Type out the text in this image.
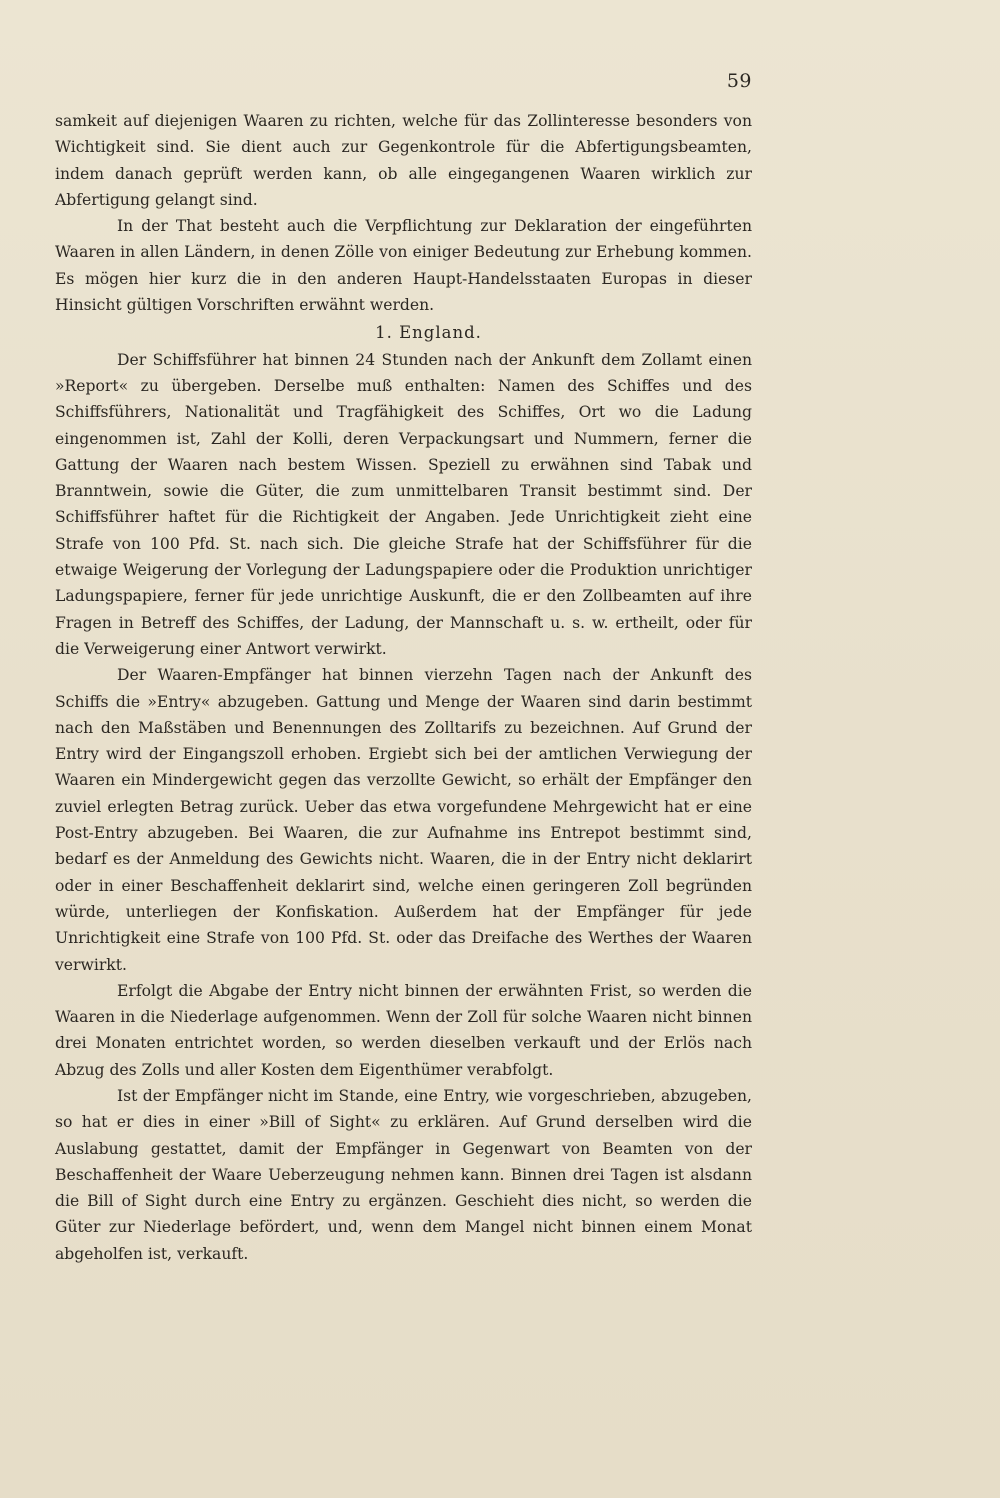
59

samkeit auf diejenigen Waaren zu richten, welche für das Zollinteresse besonders von Wichtigkeit sind. Sie dient auch zur Gegenkontrole für die Abfertigungsbeamten, indem danach geprüft werden kann, ob alle eingegangenen Waaren wirklich zur Abfertigung gelangt sind.

In der That besteht auch die Verpflichtung zur Deklaration der eingeführten Waaren in allen Ländern, in denen Zölle von einiger Bedeutung zur Erhebung kommen. Es mögen hier kurz die in den anderen Haupt-Handelsstaaten Europas in dieser Hinsicht gültigen Vorschriften erwähnt werden.

1. England.

Der Schiffsführer hat binnen 24 Stunden nach der Ankunft dem Zollamt einen »Report« zu übergeben. Derselbe muß enthalten: Namen des Schiffes und des Schiffsführers, Nationalität und Tragfähigkeit des Schiffes, Ort wo die Ladung eingenommen ist, Zahl der Kolli, deren Verpackungsart und Nummern, ferner die Gattung der Waaren nach bestem Wissen. Speziell zu erwähnen sind Tabak und Branntwein, sowie die Güter, die zum unmittelbaren Transit bestimmt sind. Der Schiffsführer haftet für die Richtigkeit der Angaben. Jede Unrichtigkeit zieht eine Strafe von 100 Pfd. St. nach sich. Die gleiche Strafe hat der Schiffsführer für die etwaige Weigerung der Vorlegung der Ladungspapiere oder die Produktion unrichtiger Ladungspapiere, ferner für jede unrichtige Auskunft, die er den Zollbeamten auf ihre Fragen in Betreff des Schiffes, der Ladung, der Mannschaft u. s. w. ertheilt, oder für die Verweigerung einer Antwort verwirkt.

Der Waaren-Empfänger hat binnen vierzehn Tagen nach der Ankunft des Schiffs die »Entry« abzugeben. Gattung und Menge der Waaren sind darin bestimmt nach den Maßstäben und Benennungen des Zolltarifs zu bezeichnen. Auf Grund der Entry wird der Eingangszoll erhoben. Ergiebt sich bei der amtlichen Verwiegung der Waaren ein Mindergewicht gegen das verzollte Gewicht, so erhält der Empfänger den zuviel erlegten Betrag zurück. Ueber das etwa vorgefundene Mehrgewicht hat er eine Post-Entry abzugeben. Bei Waaren, die zur Aufnahme ins Entrepot bestimmt sind, bedarf es der Anmeldung des Gewichts nicht. Waaren, die in der Entry nicht deklarirt oder in einer Beschaffenheit deklarirt sind, welche einen geringeren Zoll begründen würde, unterliegen der Konfiskation. Außerdem hat der Empfänger für jede Unrichtigkeit eine Strafe von 100 Pfd. St. oder das Dreifache des Werthes der Waaren verwirkt.

Erfolgt die Abgabe der Entry nicht binnen der erwähnten Frist, so werden die Waaren in die Niederlage aufgenommen. Wenn der Zoll für solche Waaren nicht binnen drei Monaten entrichtet worden, so werden dieselben verkauft und der Erlös nach Abzug des Zolls und aller Kosten dem Eigenthümer verabfolgt.

Ist der Empfänger nicht im Stande, eine Entry, wie vorgeschrieben, abzugeben, so hat er dies in einer »Bill of Sight« zu erklären. Auf Grund derselben wird die Auslabung gestattet, damit der Empfänger in Gegenwart von Beamten von der Beschaffenheit der Waare Ueberzeugung nehmen kann. Binnen drei Tagen ist alsdann die Bill of Sight durch eine Entry zu ergänzen. Geschieht dies nicht, so werden die Güter zur Niederlage befördert, und, wenn dem Mangel nicht binnen einem Monat abgeholfen ist, verkauft.
